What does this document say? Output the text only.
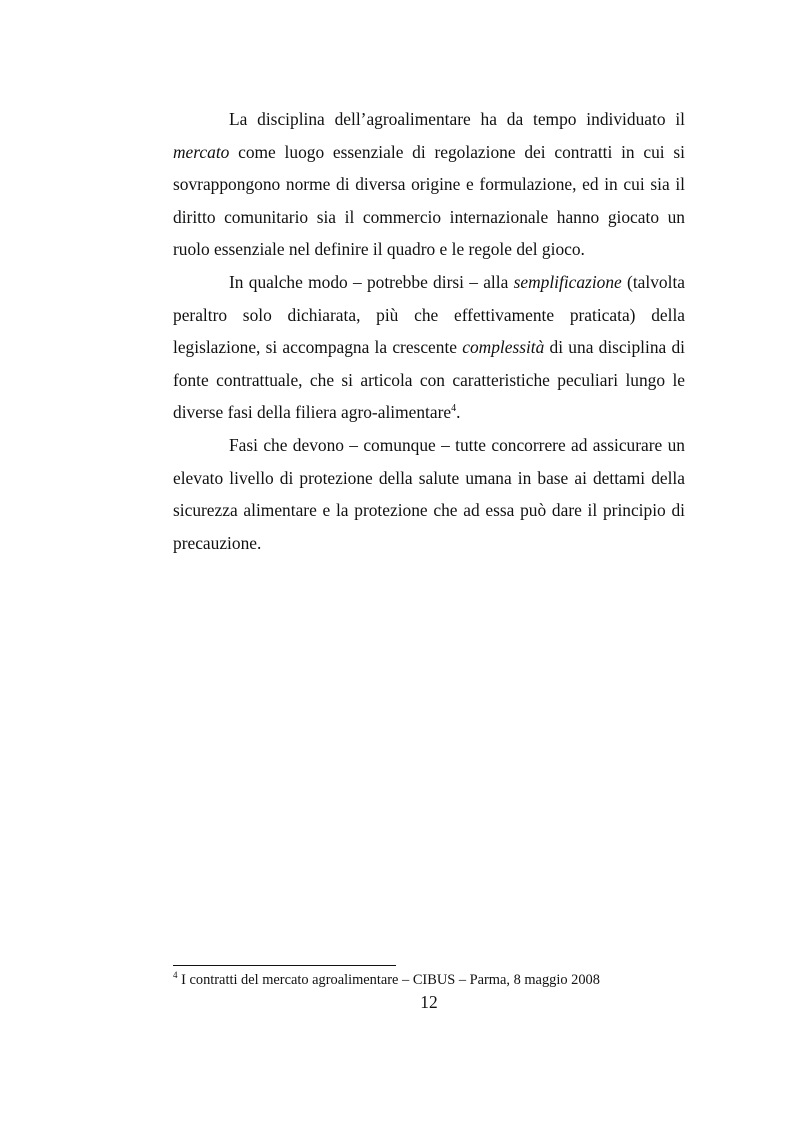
La disciplina dell’agroalimentare ha da tempo individuato il mercato come luogo essenziale di regolazione dei contratti in cui si sovrappongono norme di diversa origine e formulazione, ed in cui sia il diritto comunitario sia il commercio internazionale hanno giocato un ruolo essenziale nel definire il quadro e le regole del gioco.

In qualche modo – potrebbe dirsi – alla semplificazione (talvolta peraltro solo dichiarata, più che effettivamente praticata) della legislazione, si accompagna la crescente complessità di una disciplina di fonte contrattuale, che si articola con caratteristiche peculiari lungo le diverse fasi della filiera agro-alimentare$^4$.

Fasi che devono – comunque – tutte concorrere ad assicurare un elevato livello di protezione della salute umana in base ai dettami della sicurezza alimentare e la protezione che ad essa può dare il principio di precauzione.

$^4$ I contratti del mercato agroalimentare – CIBUS – Parma, 8 maggio 2008
12
